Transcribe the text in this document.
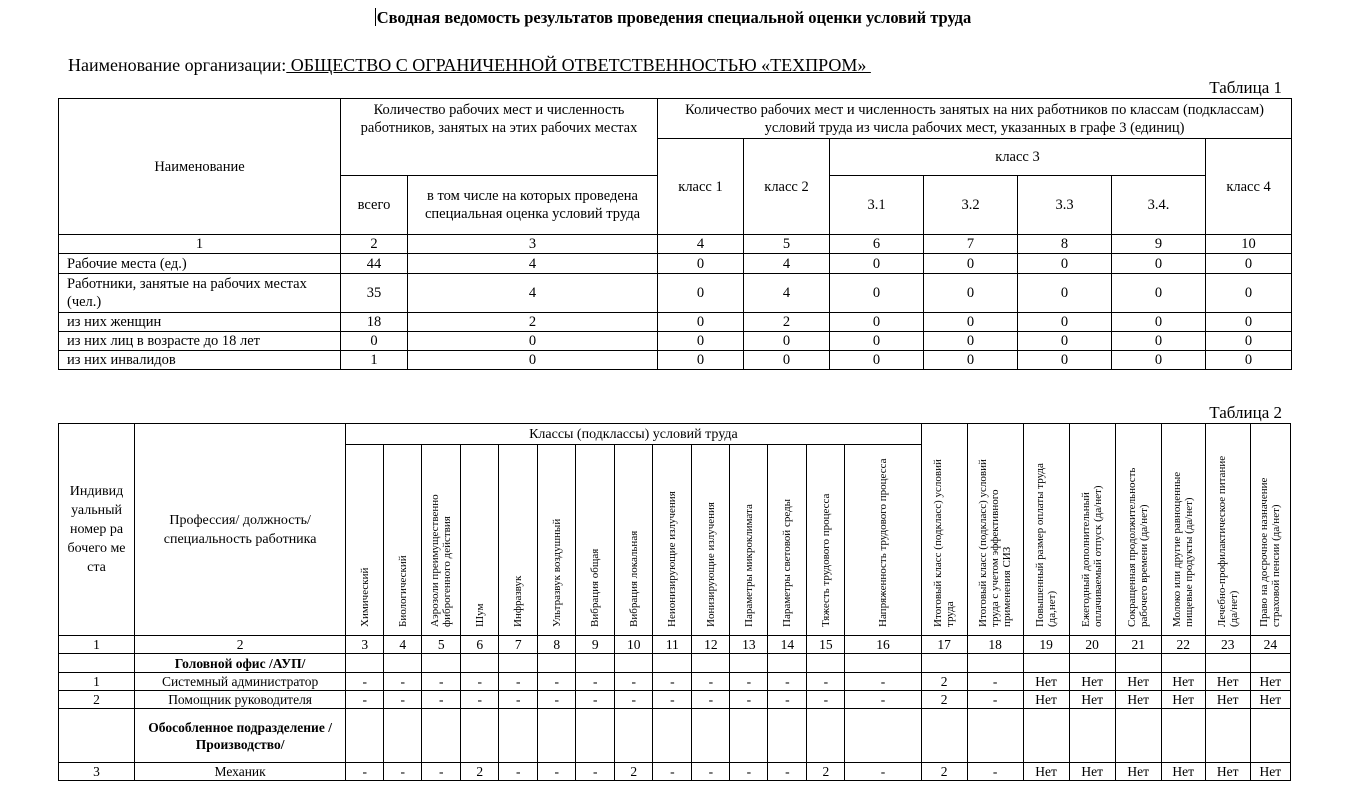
Сводная ведомость результатов проведения специальной оценки условий труда
Наименование организации: ОБЩЕСТВО С ОГРАНИЧЕННОЙ ОТВЕТСТВЕННОСТЬЮ «ТЕХПРОМ»
Таблица 1
Наименование	Количество рабочих мест и численность работников, занятых на этих рабочих местах		Количество рабочих мест и численность занятых на них работников по классам (подклассам) условий труда из числа рабочих мест, указанных в графе 3 (единиц)						
			класс 1	класс 2	класс 3				класс 4
	всего	в том числе на которых проведена специальная оценка условий труда			3.1	3.2	3.3	3.4.	
1	2	3	4	5	6	7	8	9	10
Рабочие места (ед.)	44	4	0	4	0	0	0	0	0
Работники, занятые на рабочих местах (чел.)	35	4	0	4	0	0	0	0	0
из них женщин	18	2	0	2	0	0	0	0	0
из них лиц в возрасте до 18 лет	0	0	0	0	0	0	0	0	0
из них инвалидов	1	0	0	0	0	0	0	0	0
Таблица 2
Индивидуальный номер рабочего места	Профессия/ должность/ специальность работника	Классы (подклассы) условий труда														Итоговый класс (подкласс) условий труда	Итоговый класс (подкласс) условий труда с учетом эффективного применения СИЗ	Повышенный размер оплаты труда (да,нет)	Ежегодный дополнительный оплачиваемый отпуск (да/нет)	Сокращенная продолжительность рабочего времени (да/нет)	Молоко или другие равноценные пищевые продукты (да/нет)	Лечебно-профилактическое питание (да/нет)	Право на досрочное назначение страховой пенсии (да/нет)
		Химический	Биологический	Аэрозоли преимущественно фиброгенного действия	Шум	Инфразвук	Ультразвук воздушный	Вибрация общая	Вибрация локальная	Неионизирующие излучения	Ионизирующие излучения	Параметры микроклимата	Параметры световой среды	Тяжесть трудового процесса	Напряженность трудового процесса								
1	2	3	4	5	6	7	8	9	10	11	12	13	14	15	16	17	18	19	20	21	22	23	24
	Головной офис /АУП/																						
1	Системный администратор	-	-	-	-	-	-	-	-	-	-	-	-	-	-	2	-	Нет	Нет	Нет	Нет	Нет	Нет
2	Помощник руководителя	-	-	-	-	-	-	-	-	-	-	-	-	-	-	2	-	Нет	Нет	Нет	Нет	Нет	Нет
	Обособленное подразделение /Производство/																						
3	Механик	-	-	-	2	-	-	-	2	-	-	-	-	2	-	2	-	Нет	Нет	Нет	Нет	Нет	Нет
